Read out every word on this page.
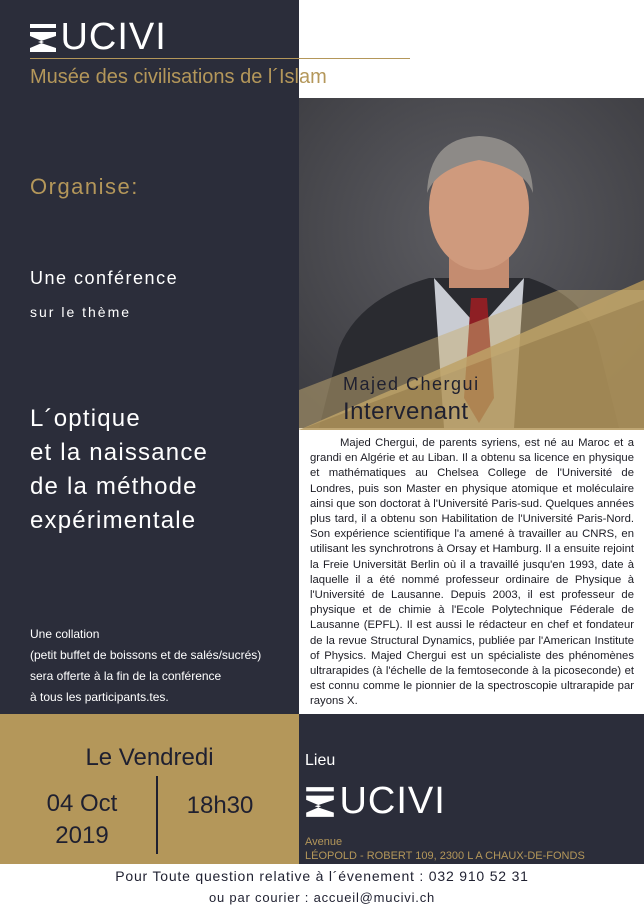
UCIVI
Musée des civilisations de l´Islam
Majed Chergui
Intervenant
Majed Chergui, de parents syriens, est né au Maroc et a grandi en Algérie et au Liban. Il a obtenu sa licence en physique et mathématiques au Chelsea College de l'Université de Londres, puis son Master en physique atomique et moléculaire ainsi que son doctorat à l'Université Paris-sud. Quelques années plus tard, il a obtenu son Habilitation de l'Université Paris-Nord. Son expérience scientifique l'a amené à travailler au CNRS, en utilisant les synchrotrons à Orsay et Hamburg. Il a ensuite rejoint la Freie Universität Berlin où il a travaillé jusqu'en 1993, date à laquelle il a été nommé professeur ordinaire de Physique à l'Université de Lausanne. Depuis 2003, il est professeur de physique et de chimie à l'Ecole Polytechnique Féderale de Lausanne (EPFL). Il est aussi le rédacteur en chef et fondateur de la revue Structural Dynamics, publiée par l'American Institute of Physics. Majed Chergui est un spécialiste des phénomènes ultrarapides (à l'échelle de la femtoseconde à la picoseconde) et est connu comme le pionnier de la spectroscopie ultrarapide par rayons X.
Organise:
Une conférence
sur le thème
L´optique
et la naissance
de la méthode
expérimentale
Une collation
(petit buffet de boissons et de salés/sucrés)
sera offerte à la fin de la conférence
à tous les participants.tes.
Le Vendredi
04 Oct
2019
18h30
Lieu
UCIVI
Avenue
LÉOPOLD - ROBERT 109, 2300 L A CHAUX-DE-FONDS
Pour Toute question relative à l´évenement : 032 910 52 31
ou par courier : accueil@mucivi.ch
